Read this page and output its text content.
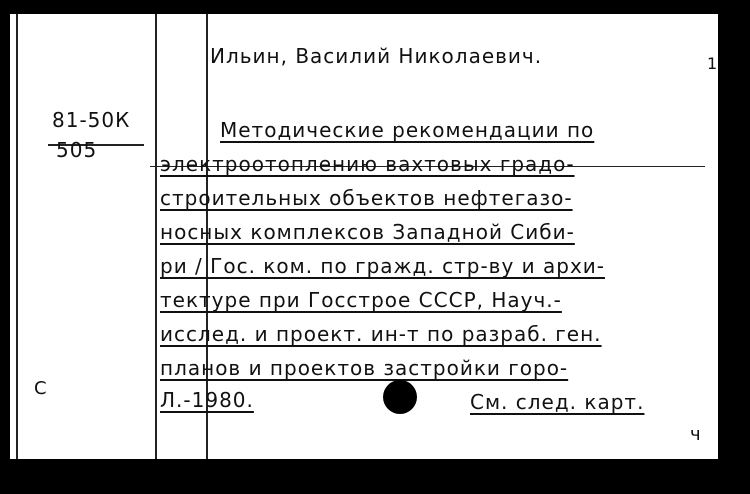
Ильин, Василий Николаевич.	1
81-50К
505
Методические рекомендации по
электроотоплению вахтовых градо-
строительных объектов нефтегазо-
носных комплексов Западной Сиби-
ри / Гос. ком. по гражд. стр-ву и архи-
тектуре при Госстрое СССР, Науч.-
исслед. и проект. ин-т по разраб. ген.
планов и проектов застройки горо-
Л.-1980.	См. след. карт.
С
ч
